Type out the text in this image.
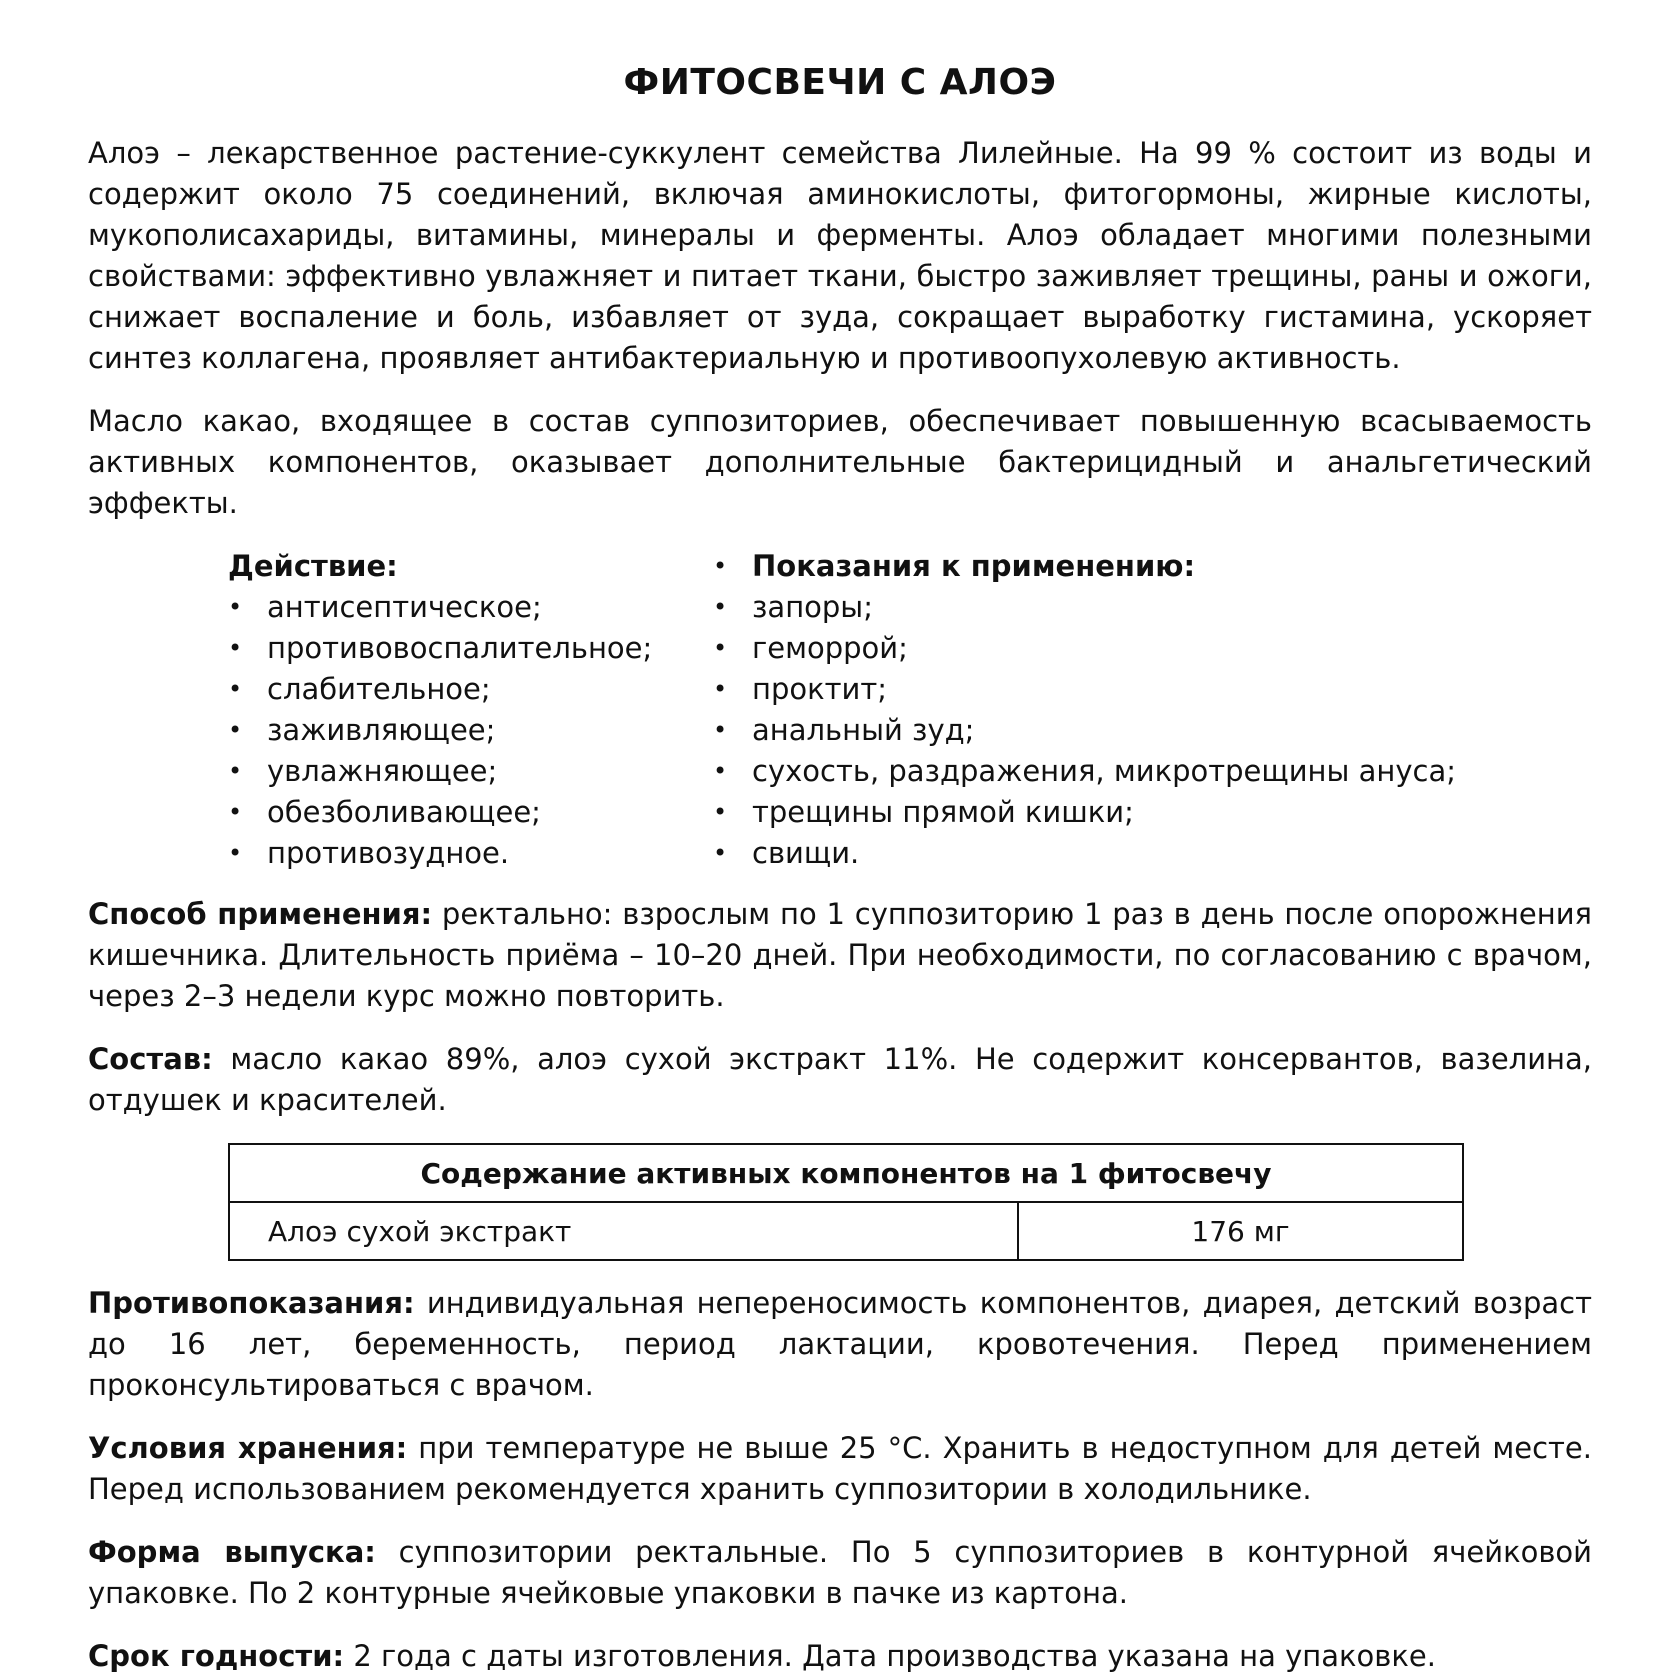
ФИТОСВЕЧИ С АЛОЭ

Алоэ – лекарственное растение-суккулент семейства Лилейные. На 99 % состоит из воды и содержит около 75 соединений, включая аминокислоты, фитогормоны, жирные кислоты, мукополисахариды, витамины, минералы и ферменты. Алоэ обладает многими полезными свойствами: эффективно увлажняет и питает ткани, быстро заживляет трещины, раны и ожоги, снижает воспаление и боль, избавляет от зуда, сокращает выработку гистамина, ускоряет синтез коллагена, проявляет антибактериальную и противоопухолевую активность.

Масло какао, входящее в состав суппозиториев, обеспечивает повышенную всасываемость активных компонентов, оказывает дополнительные бактерицидный и анальгетический эффекты.

Действие:
• антисептическое;
• противовоспалительное;
• слабительное;
• заживляющее;
• увлажняющее;
• обезболивающее;
• противозудное.
• Показания к применению:
• запоры;
• геморрой;
• проктит;
• анальный зуд;
• сухость, раздражения, микротрещины ануса;
• трещины прямой кишки;
• свищи.

Способ применения: ректально: взрослым по 1 суппозиторию 1 раз в день после опорожнения кишечника. Длительность приёма – 10–20 дней. При необходимости, по согласованию с врачом, через 2–3 недели курс можно повторить.

Состав: масло какао 89%, алоэ сухой экстракт 11%. Не содержит консервантов, вазелина, отдушек и красителей.

Содержание активных компонентов на 1 фитосвечу
Алоэ сухой экстракт	176 мг

Противопоказания: индивидуальная непереносимость компонентов, диарея, детский возраст до 16 лет, беременность, период лактации, кровотечения. Перед применением проконсультироваться с врачом.

Условия хранения: при температуре не выше 25 °С. Хранить в недоступном для детей месте. Перед использованием рекомендуется хранить суппозитории в холодильнике.

Форма выпуска: суппозитории ректальные. По 5 суппозиториев в контурной ячейковой упаковке. По 2 контурные ячейковые упаковки в пачке из картона.

Срок годности: 2 года с даты изготовления. Дата производства указана на упаковке.
